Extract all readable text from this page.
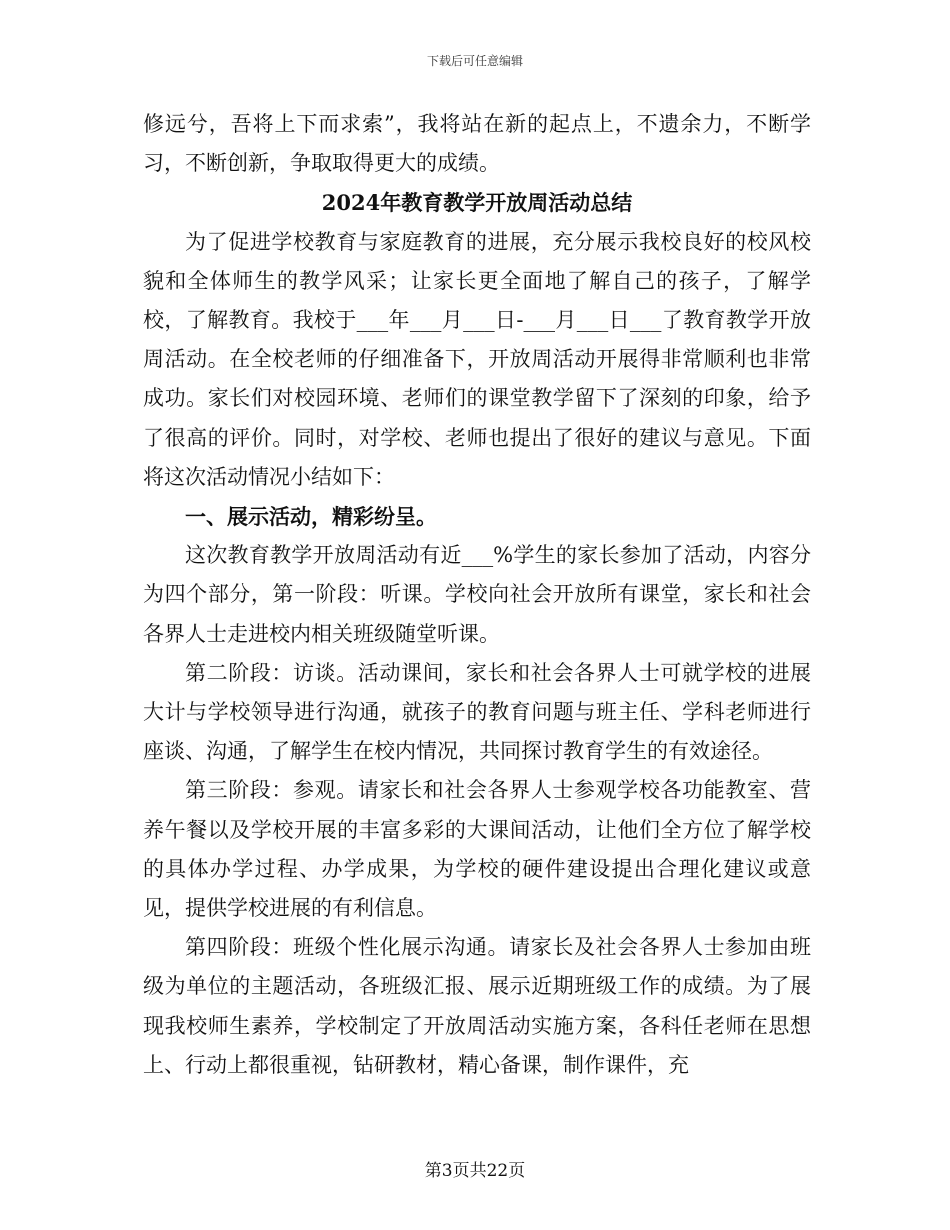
下载后可任意编辑

修远兮，吾将上下而求索”，我将站在新的起点上，不遗余力，不断学习，不断创新，争取取得更大的成绩。

2024年教育教学开放周活动总结

为了促进学校教育与家庭教育的进展，充分展示我校良好的校风校貌和全体师生的教学风采；让家长更全面地了解自己的孩子，了解学校，了解教育。我校于___年___月___日-___月___日___了教育教学开放周活动。在全校老师的仔细准备下，开放周活动开展得非常顺利也非常成功。家长们对校园环境、老师们的课堂教学留下了深刻的印象，给予了很高的评价。同时，对学校、老师也提出了很好的建议与意见。下面将这次活动情况小结如下：

一、展示活动，精彩纷呈。

这次教育教学开放周活动有近___%学生的家长参加了活动，内容分为四个部分，第一阶段：听课。学校向社会开放所有课堂，家长和社会各界人士走进校内相关班级随堂听课。

第二阶段：访谈。活动课间，家长和社会各界人士可就学校的进展大计与学校领导进行沟通，就孩子的教育问题与班主任、学科老师进行座谈、沟通，了解学生在校内情况，共同探讨教育学生的有效途径。

第三阶段：参观。请家长和社会各界人士参观学校各功能教室、营养午餐以及学校开展的丰富多彩的大课间活动，让他们全方位了解学校的具体办学过程、办学成果，为学校的硬件建设提出合理化建议或意见，提供学校进展的有利信息。

第四阶段：班级个性化展示沟通。请家长及社会各界人士参加由班级为单位的主题活动，各班级汇报、展示近期班级工作的成绩。为了展现我校师生素养，学校制定了开放周活动实施方案，各科任老师在思想上、行动上都很重视，钻研教材，精心备课，制作课件，充

第3页共22页
